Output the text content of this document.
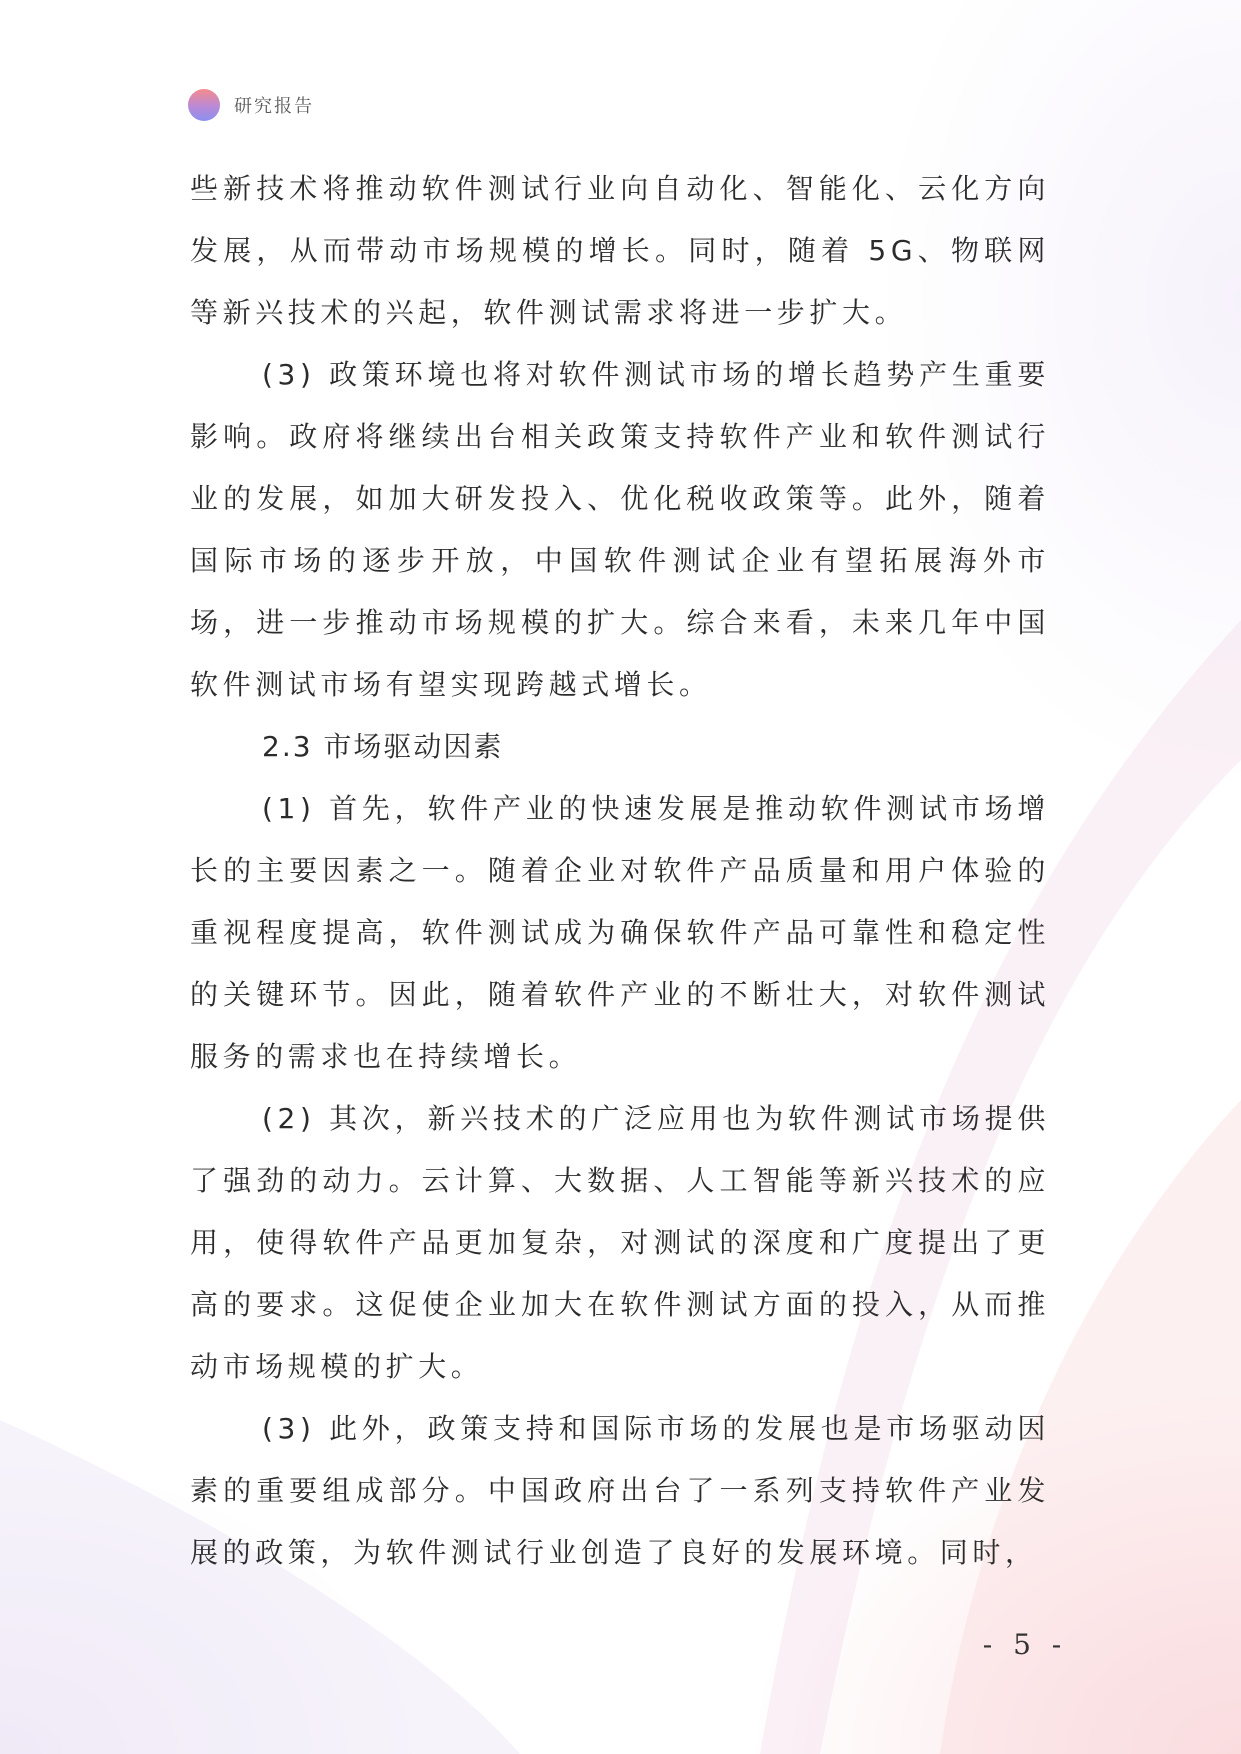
研究报告

些新技术将推动软件测试行业向自动化、智能化、云化方向发展，从而带动市场规模的增长。同时，随着 5G、物联网等新兴技术的兴起，软件测试需求将进一步扩大。

(3) 政策环境也将对软件测试市场的增长趋势产生重要影响。政府将继续出台相关政策支持软件产业和软件测试行业的发展，如加大研发投入、优化税收政策等。此外，随着国际市场的逐步开放，中国软件测试企业有望拓展海外市场，进一步推动市场规模的扩大。综合来看，未来几年中国软件测试市场有望实现跨越式增长。

2.3 市场驱动因素

(1) 首先，软件产业的快速发展是推动软件测试市场增长的主要因素之一。随着企业对软件产品质量和用户体验的重视程度提高，软件测试成为确保软件产品可靠性和稳定性的关键环节。因此，随着软件产业的不断壮大，对软件测试服务的需求也在持续增长。

(2) 其次，新兴技术的广泛应用也为软件测试市场提供了强劲的动力。云计算、大数据、人工智能等新兴技术的应用，使得软件产品更加复杂，对测试的深度和广度提出了更高的要求。这促使企业加大在软件测试方面的投入，从而推动市场规模的扩大。

(3) 此外，政策支持和国际市场的发展也是市场驱动因素的重要组成部分。中国政府出台了一系列支持软件产业发展的政策，为软件测试行业创造了良好的发展环境。同时，

- 5 -
